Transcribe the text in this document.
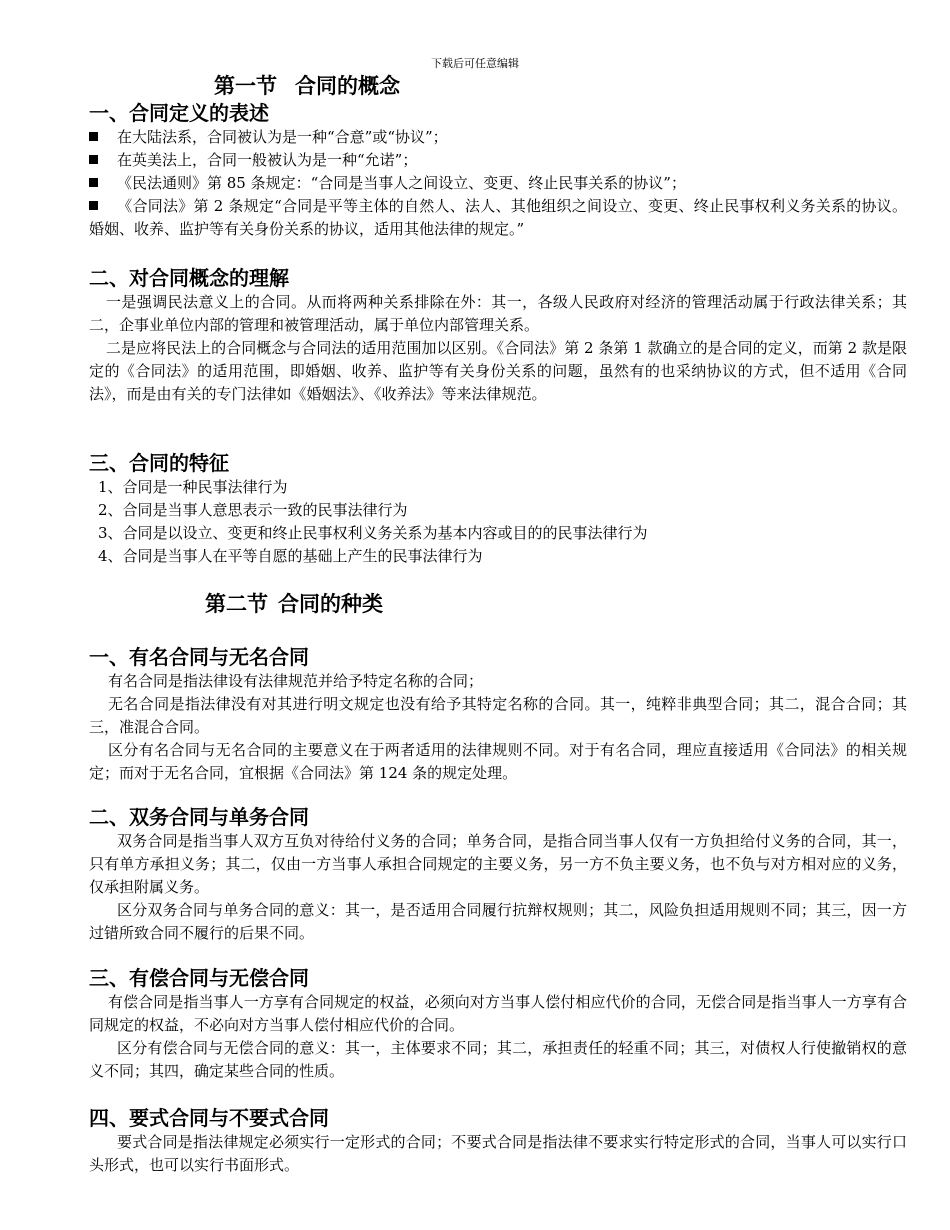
下载后可任意编辑
第一节 合同的概念
一、合同定义的表述
在大陆法系，合同被认为是一种“合意”或“协议”；
在英美法上，合同一般被认为是一种“允诺”；
《民法通则》第 85 条规定：“合同是当事人之间设立、变更、终止民事关系的协议”；
《合同法》第 2 条规定“合同是平等主体的自然人、法人、其他组织之间设立、变更、终止民事权利义务关系的协议。婚姻、收养、监护等有关身份关系的协议，适用其他法律的规定。”
二、对合同概念的理解
一是强调民法意义上的合同。从而将两种关系排除在外：其一，各级人民政府对经济的管理活动属于行政法律关系；其二，企事业单位内部的管理和被管理活动，属于单位内部管理关系。
二是应将民法上的合同概念与合同法的适用范围加以区别。《合同法》第 2 条第 1 款确立的是合同的定义，而第 2 款是限定的《合同法》的适用范围，即婚姻、收养、监护等有关身份关系的问题，虽然有的也采纳协议的方式，但不适用《合同法》，而是由有关的专门法律如《婚姻法》、《收养法》等来法律规范。
三、合同的特征
1、合同是一种民事法律行为
2、合同是当事人意思表示一致的民事法律行为
3、合同是以设立、变更和终止民事权利义务关系为基本内容或目的的民事法律行为
4、合同是当事人在平等自愿的基础上产生的民事法律行为
第二节 合同的种类
一、有名合同与无名合同
有名合同是指法律设有法律规范并给予特定名称的合同；
无名合同是指法律没有对其进行明文规定也没有给予其特定名称的合同。其一，纯粹非典型合同；其二，混合合同；其三，准混合合同。
区分有名合同与无名合同的主要意义在于两者适用的法律规则不同。对于有名合同，理应直接适用《合同法》的相关规定；而对于无名合同，宜根据《合同法》第 124 条的规定处理。
二、双务合同与单务合同
双务合同是指当事人双方互负对待给付义务的合同；单务合同，是指合同当事人仅有一方负担给付义务的合同，其一，只有单方承担义务；其二，仅由一方当事人承担合同规定的主要义务，另一方不负主要义务，也不负与对方相对应的义务，仅承担附属义务。
区分双务合同与单务合同的意义：其一，是否适用合同履行抗辩权规则；其二，风险负担适用规则不同；其三，因一方过错所致合同不履行的后果不同。
三、有偿合同与无偿合同
有偿合同是指当事人一方享有合同规定的权益，必须向对方当事人偿付相应代价的合同，无偿合同是指当事人一方享有合同规定的权益，不必向对方当事人偿付相应代价的合同。
区分有偿合同与无偿合同的意义：其一，主体要求不同；其二，承担责任的轻重不同；其三，对债权人行使撤销权的意义不同；其四，确定某些合同的性质。
四、要式合同与不要式合同
要式合同是指法律规定必须实行一定形式的合同；不要式合同是指法律不要求实行特定形式的合同，当事人可以实行口头形式，也可以实行书面形式。
